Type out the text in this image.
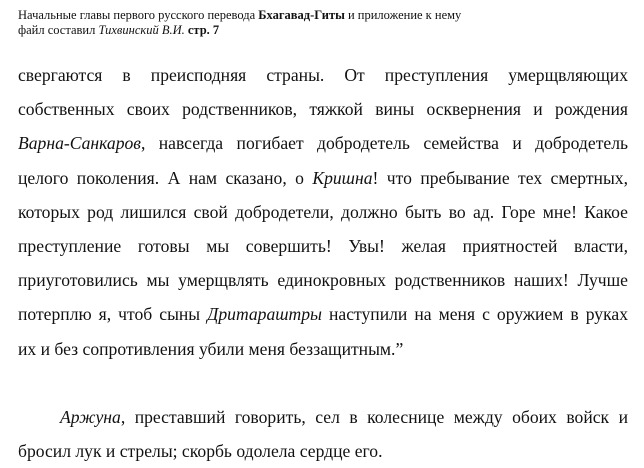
Начальные главы первого русского перевода Бхагавад-Гиты и приложение к нему
файл составил Тихвинский В.И. стр. 7
свергаются в преисподняя страны. От преступления умерщвляющих
собственных своих родственников, тяжкой вины осквернения и рождения
Варна-Санкаров, навсегда погибает добродетель семейства и добродетель
целого поколения. А нам сказано, о Кришна! что пребывание тех смертных,
которых род лишился свой добродетели, должно быть во ад. Горе мне! Какое
преступление готовы мы совершить! Увы! желая приятностей власти,
приуготовились мы умерщвлять единокровных родственников наших! Лучше
потерплю я, чтоб сыны Дритараштры наступили на меня с оружием в руках
их и без сопротивления убили меня беззащитным.”
Аржуна, преставший говорить, сел в колеснице между обоих войск и
бросил лук и стрелы; скорбь одолела сердце его.
